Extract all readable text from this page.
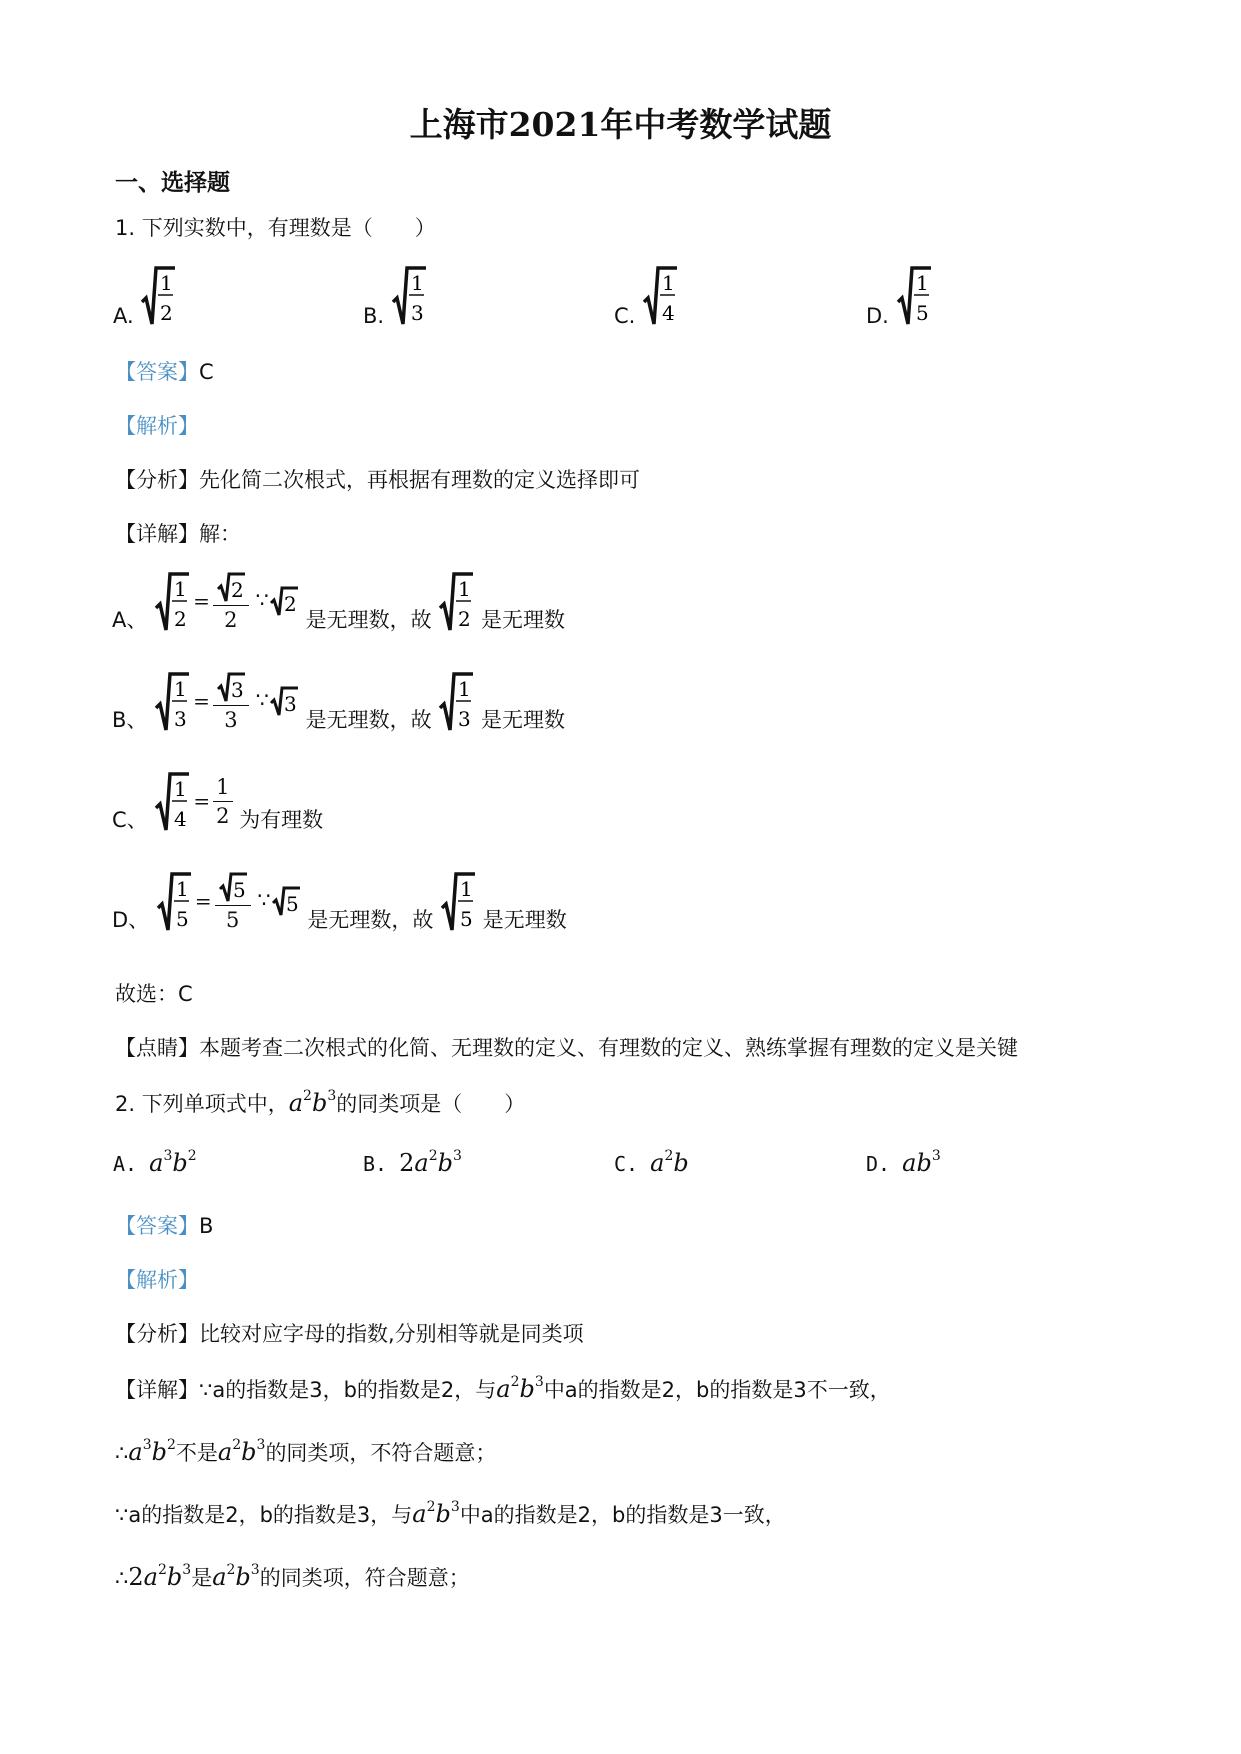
上海市2021年中考数学试题
一、选择题
1. 下列实数中，有理数是（　　）
A.
1
2	B.
1
3	C.
1
4	D.
1
5
【答案】C
【解析】
【分析】先化简二次根式，再根据有理数的定义选择即可
【详解】解：
A、
1
2
= $\frac{2}{2}$ ∵ 2
是无理数，故
1
2 是无理数
B、
1
3
= $\frac{3}{3}$ ∵ 3
是无理数，故
1
3 是无理数
C、
1
4
= $\frac{1}{2}$ 为有理数
D、
1
5
= $\frac{5}{5}$ ∵ 5
是无理数，故
1
5 是无理数
故选：C
【点睛】本题考查二次根式的化简、无理数的定义、有理数的定义、熟练掌握有理数的定义是关键
2. 下列单项式中，$a^2b^3$的同类项是（　　）
A. $a^3b^2$	B. $2a^2b^3$	C. $a^2b$	D. $ab^3$
【答案】B
【解析】
【分析】比较对应字母的指数,分别相等就是同类项
【详解】∵a的指数是3，b的指数是2，与$a^2b^3$中a的指数是2，b的指数是3不一致，
$\therefore a^3b^2$不是$a^2b^3$的同类项，不符合题意；
∵a的指数是2，b的指数是3，与$a^2b^3$中a的指数是2，b的指数是3一致，
$\therefore 2a^2b^3$是$a^2b^3$的同类项，符合题意；
